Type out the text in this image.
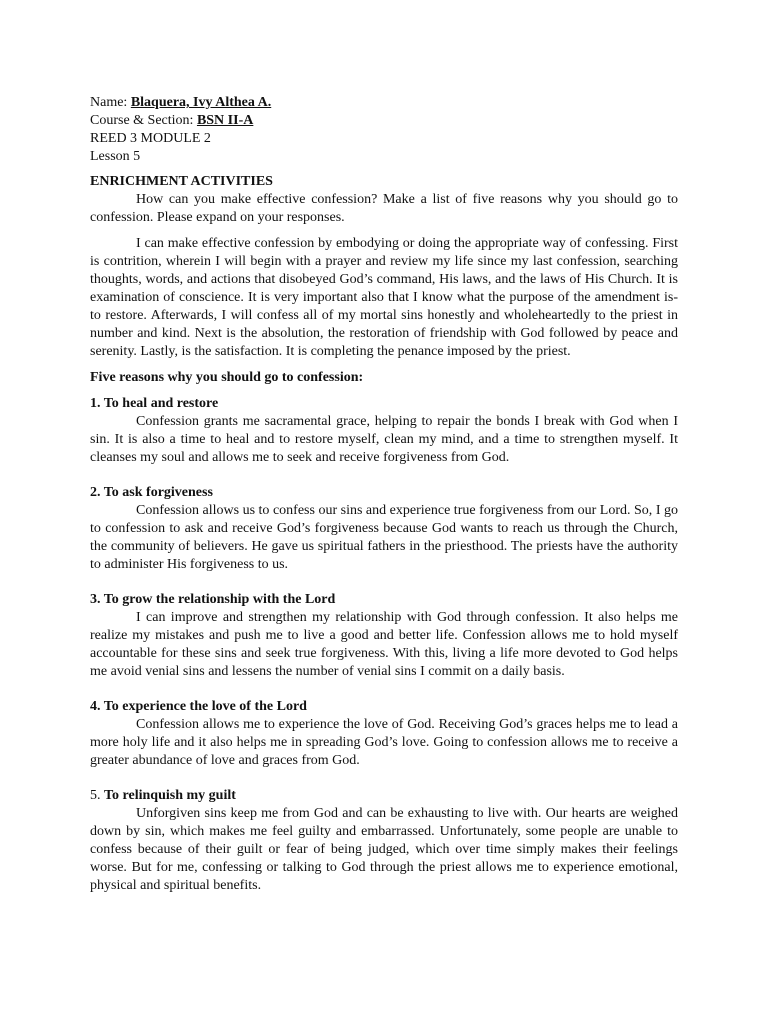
Name: Blaquera, Ivy Althea A.
Course & Section: BSN II-A
REED 3 MODULE 2
Lesson 5
ENRICHMENT ACTIVITIES

How can you make effective confession? Make a list of five reasons why you should go to confession. Please expand on your responses.

I can make effective confession by embodying or doing the appropriate way of confessing. First is contrition, wherein I will begin with a prayer and review my life since my last confession, searching thoughts, words, and actions that disobeyed God’s command, His laws, and the laws of His Church. It is examination of conscience. It is very important also that I know what the purpose of the amendment is-to restore. Afterwards, I will confess all of my mortal sins honestly and wholeheartedly to the priest in number and kind. Next is the absolution, the restoration of friendship with God followed by peace and serenity. Lastly, is the satisfaction. It is completing the penance imposed by the priest.

Five reasons why you should go to confession:
1. To heal and restore

Confession grants me sacramental grace, helping to repair the bonds I break with God when I sin. It is also a time to heal and to restore myself, clean my mind, and a time to strengthen myself. It cleanses my soul and allows me to seek and receive forgiveness from God.

2. To ask forgiveness

Confession allows us to confess our sins and experience true forgiveness from our Lord. So, I go to confession to ask and receive God’s forgiveness because God wants to reach us through the Church, the community of believers. He gave us spiritual fathers in the priesthood. The priests have the authority to administer His forgiveness to us.

3. To grow the relationship with the Lord

I can improve and strengthen my relationship with God through confession. It also helps me realize my mistakes and push me to live a good and better life. Confession allows me to hold myself accountable for these sins and seek true forgiveness. With this, living a life more devoted to God helps me avoid venial sins and lessens the number of venial sins I commit on a daily basis.

4. To experience the love of the Lord

Confession allows me to experience the love of God. Receiving God’s graces helps me to lead a more holy life and it also helps me in spreading God’s love. Going to confession allows me to receive a greater abundance of love and graces from God.

5. To relinquish my guilt

Unforgiven sins keep me from God and can be exhausting to live with. Our hearts are weighed down by sin, which makes me feel guilty and embarrassed. Unfortunately, some people are unable to confess because of their guilt or fear of being judged, which over time simply makes their feelings worse. But for me, confessing or talking to God through the priest allows me to experience emotional, physical and spiritual benefits.
